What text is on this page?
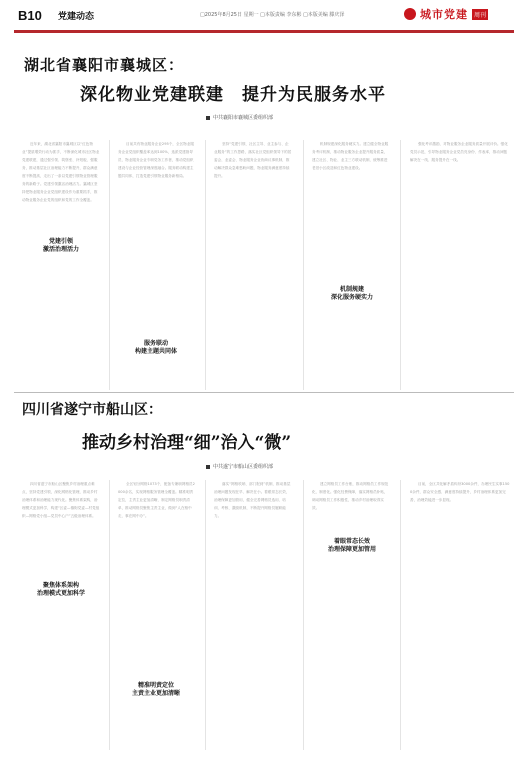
B10 党建动态	□2025年8月25日 星期一 □本版责编 李东彬 □本版美编 滕庆泽	城市党建	周刊
湖北省襄阳市襄城区：
深化物业党建联建　提升为民服务水平
中共襄阳市襄城区委组织部
近年来，湖北省襄阳市襄城区以“红色物业”提质增效行动为抓手，不断深化城市社区物业党建联建，通过强引领、筑堡垒、补短板、强服务，推动基层社区治理能力不断提升，群众满意度不断提高，走出了一条以党建引领物业管理服务的新路子。党建引领激活治理活力。襄城区坚持把物业服务企业党组织建设作为重要抓手，推动物业服务企业党的组织和党的工作全覆盖。
目前共有物业服务企业295个，全区物业服务企业党组织覆盖率达到100%，选派党建指导员、物业服务企业专职党务工作者，推动党组织建设与企业经营管理深度融合。服务联动构建主题共同体，打造党建引领物业服务新格局。
坚持“党建引领、社区主导、业主参与、企业服务”的工作思路，落实社区党组织领导下的居委会、业委会、物业服务企业协商议事机制，推动解决群众急难愁盼问题，物业服务满意度持续提升。
机制规建深化服务硬实力。建立健全物业服务考评机制，推动物业服务企业提升服务质量，建立社区、物业、业主三方联动机制，统筹推进老旧小区改造和红色物业建设。
强化考评激励，对物业服务企业服务质量开展评价。强化党员示范，引导物业服务企业党员亮身份、作表率，推动问题解决在一线、服务提升在一线。
党建引领
激活治理活力
服务联动
构建主题共同体
机制规建
深化服务硬实力
四川省遂宁市船山区：
推动乡村治理“细”治入“微”
中共遂宁市船山区委组织部
四川省遂宁市船山区聚焦乡村治理重点难点，坚持党建引领，深化网格化管理，推动乡村治理体系和治理能力现代化。聚焦体系架构，治理模式更加科学，构建“区委—镇街党委—村党组织—网格党小组—党员中心户”五级治理体系。
全区划分网格1073个，配备专兼职网格员2000余名，实现网格服务管理全覆盖。精准明责定位，主责主业更加清晰，制定网格员职责清单，推动网格员聚焦主责主业，做到“人在格中走、事在网中办”。
落实“网格吹哨、部门报到”机制，推动基层治理问题发现在早、解决在小。着眼常态长效，治理保障更加管用，健全完善网格员选用、培训、考核、激励机制，不断提升网格员履职能力。
建立网格员工作台账，推动网格员工作规范化、制度化。强化经费保障，落实网格员补贴，调动网格员工作积极性，推动乡村治理取得实效。
目前，全区共化解矛盾纠纷3000余件，办理民生实事1500余件，群众安全感、满意度持续提升，乡村治理体系更加完善，治理效能进一步显现。
聚焦体系架构
治理模式更加科学
精准明责定位
主责主业更加清晰
着眼常态长效
治理保障更加管用
